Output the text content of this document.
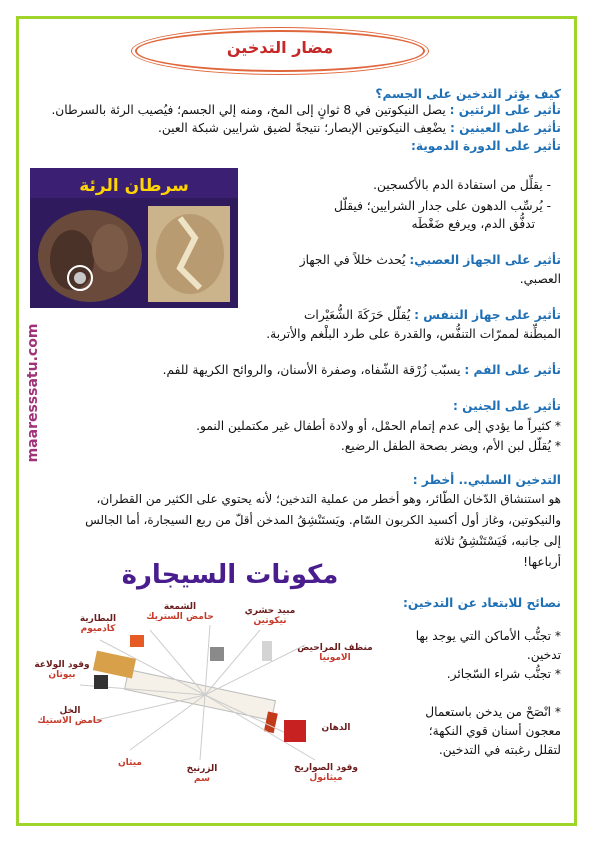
مضار التدخين
maaresssatu.com
كيف يؤثر التدخين على الجسم؟
تأثير على الرئتين : يصل النيكوتين في 8 ثوانٍ إلى المخ، ومنه إلي الجسم؛ فيُصيب الرئة بالسرطان.
تأثير على العينين : يضْعِف النيكوتين الإبصار؛ نتيجةً لضيق شرايين شبكة العين.
تأثير على الدورة الدموية:
- يقلِّل من استفادة الدم بالأكسجين.
- يُرسِّب الدهون على جدار الشرايين؛ فيقلّل
تدفُّق الدم، ويرفع ضَغْطَه
سرطان الرئة
تأثير على الجهاز العصبي: يُحدث خللاً في الجهاز
العصبي.
تأثير على جهاز التنفس : يُقلّل حَرَكَةَ الشُّعَيْرات
المبطِّنة لممرّات التنفُّس، والقدرة على طرد البلْغم والأتربة.
تأثير على الفم : يسبّب زُرْقة الشّفاه، وصفرة الأسنان، والروائح الكريهة للفم.
تأثير على الجنين :
* كثيراً ما يؤدي إلى عدم إتمام الحمْل، أو ولادة أطفال غير مكتملين النمو.
* يُقلّل لبن الأم، ويضر بصحة الطفل الرضيع.
التدخين السلبي.. أخطر :
هو استنشاق الدّخان الطّائر، وهو أخطر من عملية التدخين؛ لأنه يحتوي على الكثير من القطران،
والنيكوتين، وغاز أول أكسيد الكربون السّام. ويَستَنْشِقُ المدخن أقلّ من ربع السيجارة، أما الجالس
إلى جانبه، فَيَسْتَنْشِقُ ثلاثة
أرباعها!
مكونات السيجارة
البطارية
كادميوم
الشمعة
حامض الستريك
مبيد حشري
نيكوتين
منظف المراحيض
الامونيا
وقود الولاعة
بيوتان
الخل
حامض الاستيك
ميثان
الزرنيخ
سم
الدهان
وقود الصواريخ
ميثانول
نصائح للابتعاد عن التدخين:
* تجنُّب الأماكن التي يوجد بها
تدخين.
* تجنُّب شراء السّجائر.
* انْصَحْ من يدخن باستعمال
معجون أسنان قوي النكهة؛
لتقلل رغبته في التدخين.
